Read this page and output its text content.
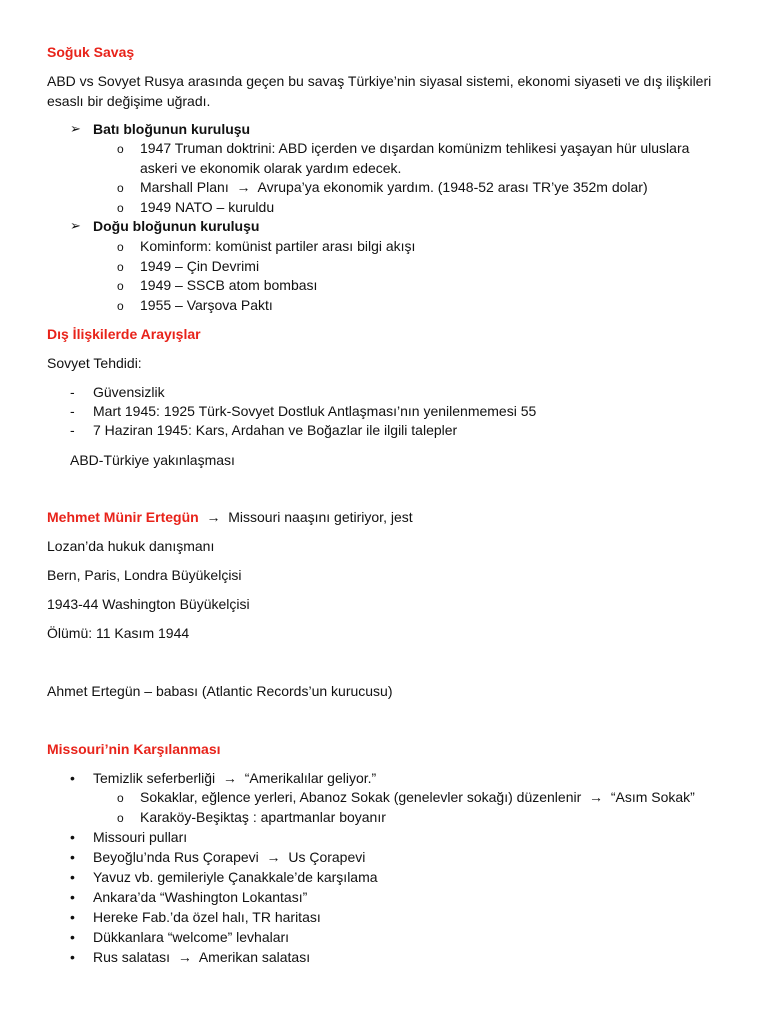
Soğuk Savaş
ABD vs Sovyet Rusya arasında geçen bu savaş Türkiye’nin siyasal sistemi, ekonomi siyaseti ve dış ilişkileri
esaslı bir değişime uğradı.
➢ Batı bloğunun kuruluşu
o 1947 Truman doktrini: ABD içerden ve dışardan komünizm tehlikesi yaşayan hür uluslara
askeri ve ekonomik olarak yardım edecek.
o Marshall Planı  →  Avrupa’ya ekonomik yardım. (1948-52 arası TR’ye 352m dolar)
o 1949 NATO – kuruldu
➢ Doğu bloğunun kuruluşu
o Kominform: komünist partiler arası bilgi akışı
o 1949 – Çin Devrimi
o 1949 – SSCB atom bombası
o 1955 – Varşova Paktı
Dış İlişkilerde Arayışlar
Sovyet Tehdidi:
- Güvensizlik
- Mart 1945: 1925 Türk-Sovyet Dostluk Antlaşması’nın yenilenmemesi 55
- 7 Haziran 1945: Kars, Ardahan ve Boğazlar ile ilgili talepler
ABD-Türkiye yakınlaşması
Mehmet Münir Ertegün  →  Missouri naaşını getiriyor, jest
Lozan’da hukuk danışmanı
Bern, Paris, Londra Büyükelçisi
1943-44 Washington Büyükelçisi
Ölümü: 11 Kasım 1944
Ahmet Ertegün – babası (Atlantic Records’un kurucusu)
Missouri’nin Karşılanması
• Temizlik seferberliği  →  “Amerikalılar geliyor.”
o Sokaklar, eğlence yerleri, Abanoz Sokak (genelevler sokağı) düzenlenir  →  “Asım Sokak”
o Karaköy-Beşiktaş : apartmanlar boyanır
• Missouri pulları
• Beyoğlu’nda Rus Çorapevi  →  Us Çorapevi
• Yavuz vb. gemileriyle Çanakkale’de karşılama
• Ankara’da “Washington Lokantası”
• Hereke Fab.’da özel halı, TR haritası
• Dükkanlara “welcome” levhaları
• Rus salatası  →  Amerikan salatası
